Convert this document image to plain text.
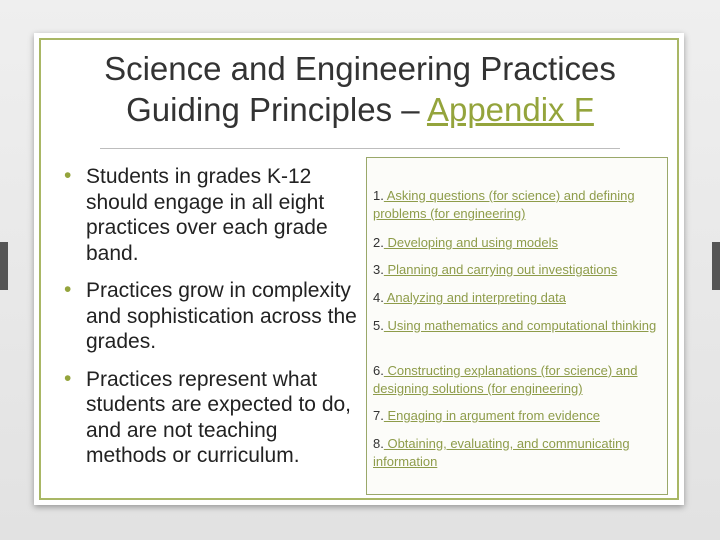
Science and Engineering Practices
Guiding Principles – Appendix F
• Students in grades K-12 should engage in all eight practices over each grade band.
• Practices grow in complexity and sophistication across the grades.
• Practices represent what students are expected to do, and are not teaching methods or curriculum.
1. Asking questions (for science) and defining problems (for engineering)
2. Developing and using models
3. Planning and carrying out investigations
4. Analyzing and interpreting data
5. Using mathematics and computational thinking
6. Constructing explanations (for science) and designing solutions (for engineering)
7. Engaging in argument from evidence
8. Obtaining, evaluating, and communicating information
